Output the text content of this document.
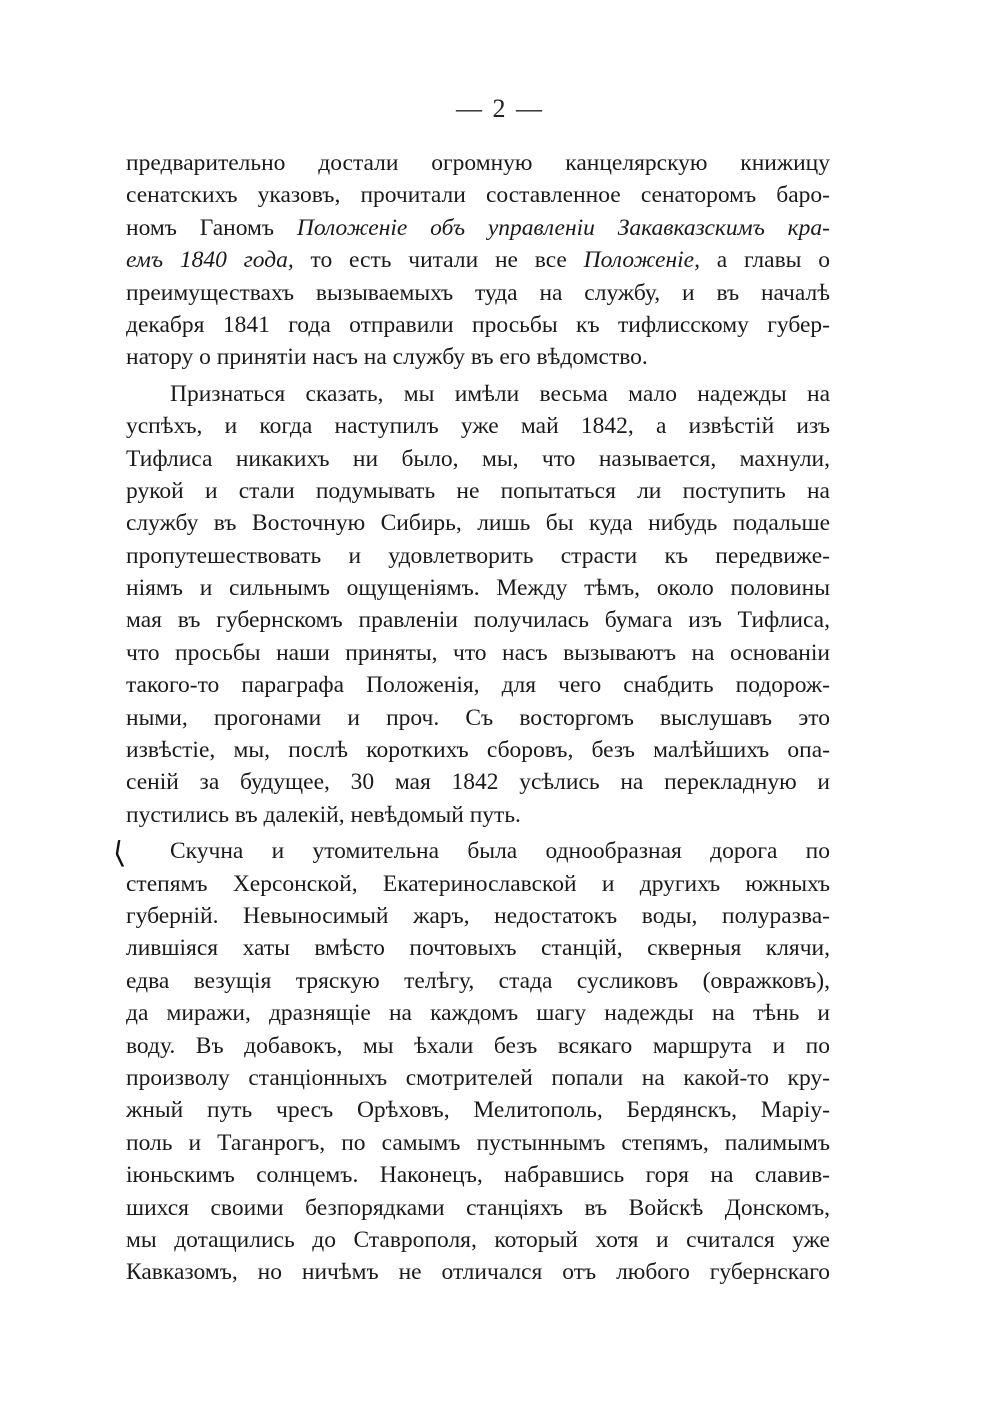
— 2 —
⟨
предварительно достали огромную канцелярскую книжицу
сенатскихъ указовъ, прочитали составленное сенаторомъ баро-
номъ Ганомъ Положенiе объ управленiи Закавказскимъ кра-
емъ 1840 года, то есть читали не все Положенiе, а главы о
преимуществахъ вызываемыхъ туда на службу, и въ началѣ
декабря 1841 года отправили просьбы къ тифлисскому губер-
натору о принятiи насъ на службу въ его вѣдомство.
Признаться сказать, мы имѣли весьма мало надежды на
успѣхъ, и когда наступилъ уже май 1842, а извѣстiй изъ
Тифлиса никакихъ ни было, мы, что называется, махнули,
рукой и стали подумывать не попытаться ли поступить на
службу въ Восточную Сибирь, лишь бы куда нибудь подальше
пропутешествовать и удовлетворить страсти къ передвиже-
нiямъ и сильнымъ ощущенiямъ. Между тѣмъ, около половины
мая въ губернскомъ правленiи получилась бумага изъ Тифлиса,
что просьбы наши приняты, что насъ вызываютъ на основанiи
такого-то параграфа Положенiя, для чего снабдить подорож-
ными, прогонами и проч. Съ восторгомъ выслушавъ это
извѣстiе, мы, послѣ короткихъ сборовъ, безъ малѣйшихъ опа-
сенiй за будущее, 30 мая 1842 усѣлись на перекладную и
пустились въ далекiй, невѣдомый путь.
Скучна и утомительна была однообразная дорога по
степямъ Херсонской, Екатеринославской и другихъ южныхъ
губернiй. Невыносимый жаръ, недостатокъ воды, полуразва-
лившiяся хаты вмѣсто почтовыхъ станцiй, скверныя клячи,
едва везущiя тряскую телѣгу, стада сусликовъ (овражковъ),
да миражи, дразнящiе на каждомъ шагу надежды на тѣнь и
воду. Въ добавокъ, мы ѣхали безъ всякаго маршрута и по
произволу станцiонныхъ смотрителей попали на какой-то кру-
жный путь чресъ Орѣховъ, Мелитополь, Бердянскъ, Марiу-
поль и Таганрогъ, по самымъ пустыннымъ степямъ, палимымъ
iюньскимъ солнцемъ. Наконецъ, набравшись горя на славив-
шихся своими безпорядками станцiяхъ въ Войскѣ Донскомъ,
мы дотащились до Ставрополя, который хотя и считался уже
Кавказомъ, но ничѣмъ не отличался отъ любого губернскаго
